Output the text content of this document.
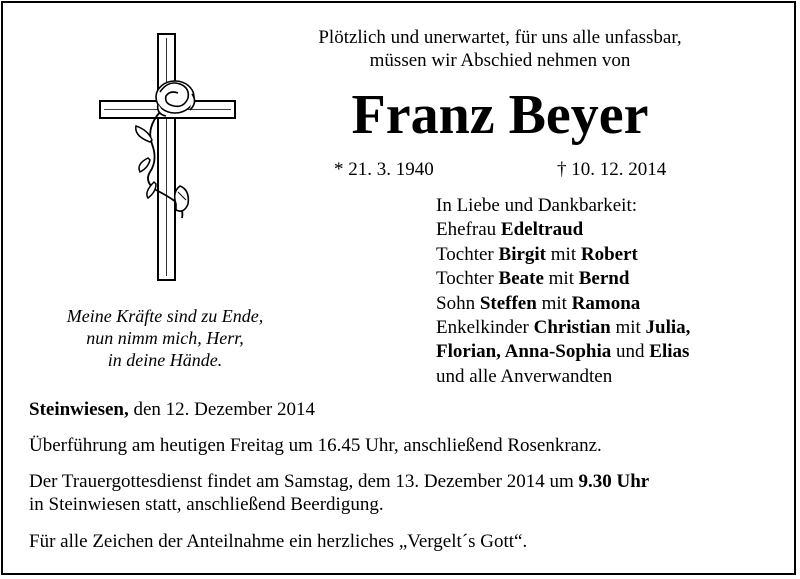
Plötzlich und unerwartet, für uns alle unfassbar,
müssen wir Abschied nehmen von
Franz Beyer
* 21. 3. 1940	† 10. 12. 2014
In Liebe und Dankbarkeit:
Ehefrau Edeltraud
Tochter Birgit mit Robert
Tochter Beate mit Bernd
Sohn Steffen mit Ramona
Enkelkinder Christian mit Julia,
Florian, Anna-Sophia und Elias
und alle Anverwandten
Meine Kräfte sind zu Ende,
nun nimm mich, Herr,
in deine Hände.
Steinwiesen, den 12. Dezember 2014
Überführung am heutigen Freitag um 16.45 Uhr, anschließend Rosenkranz.
Der Trauergottesdienst findet am Samstag, dem 13. Dezember 2014 um 9.30 Uhr
in Steinwiesen statt, anschließend Beerdigung.
Für alle Zeichen der Anteilnahme ein herzliches „Vergelt´s Gott“.
